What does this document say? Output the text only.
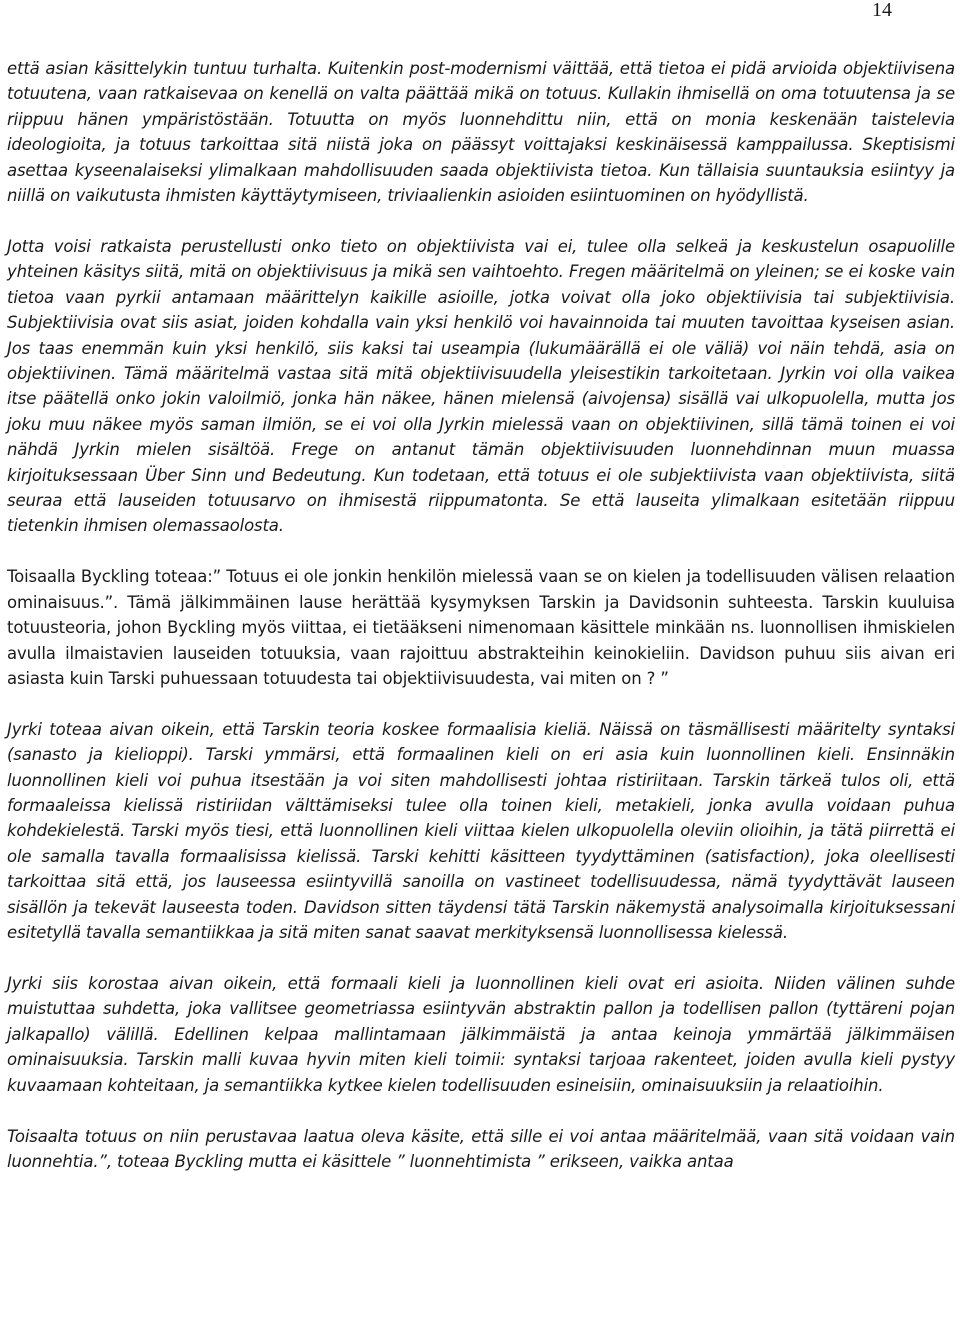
14

että asian käsittelykin tuntuu turhalta. Kuitenkin post-modernismi väittää, että tietoa ei pidä arvioida objektiivisena totuutena, vaan ratkaisevaa on kenellä on valta päättää mikä on totuus. Kullakin ihmisellä on oma totuutensa ja se riippuu hänen ympäristöstään. Totuutta on myös luonnehdittu niin, että on monia keskenään taistelevia ideologioita, ja totuus tarkoittaa sitä niistä joka on päässyt voittajaksi keskinäisessä kamppailussa. Skeptisismi asettaa kyseenalaiseksi ylimalkaan mahdollisuuden saada objektiivista tietoa. Kun tällaisia suuntauksia esiintyy ja niillä on vaikutusta ihmisten käyttäytymiseen, triviaalienkin asioiden esiintuominen on hyödyllistä.

Jotta voisi ratkaista perustellusti onko tieto on objektiivista vai ei, tulee olla selkeä ja keskustelun osapuolille yhteinen käsitys siitä, mitä on objektiivisuus ja mikä sen vaihtoehto. Fregen määritelmä on yleinen; se ei koske vain tietoa vaan pyrkii antamaan määrittelyn kaikille asioille, jotka voivat olla joko objektiivisia tai subjektiivisia. Subjektiivisia ovat siis asiat, joiden kohdalla vain yksi henkilö voi havainnoida tai muuten tavoittaa kyseisen asian. Jos taas enemmän kuin yksi henkilö, siis kaksi tai useampia (lukumäärällä ei ole väliä) voi näin tehdä, asia on objektiivinen. Tämä määritelmä vastaa sitä mitä objektiivisuudella yleisestikin tarkoitetaan. Jyrkin voi olla vaikea itse päätellä onko jokin valoilmiö, jonka hän näkee, hänen mielensä (aivojensa) sisällä vai ulkopuolella, mutta jos joku muu näkee myös saman ilmiön, se ei voi olla Jyrkin mielessä vaan on objektiivinen, sillä tämä toinen ei voi nähdä Jyrkin mielen sisältöä. Frege on antanut tämän objektiivisuuden luonnehdinnan muun muassa kirjoituksessaan Über Sinn und Bedeutung. Kun todetaan, että totuus ei ole subjektiivista vaan objektiivista, siitä seuraa että lauseiden totuusarvo on ihmisestä riippumatonta. Se että lauseita ylimalkaan esitetään riippuu tietenkin ihmisen olemassaolosta.

Toisaalla Byckling toteaa:” Totuus ei ole jonkin henkilön mielessä vaan se on kielen ja todellisuuden välisen relaation ominaisuus.”. Tämä jälkimmäinen lause herättää kysymyksen Tarskin ja Davidsonin suhteesta. Tarskin kuuluisa totuusteoria, johon Byckling myös viittaa, ei tietääkseni nimenomaan käsittele minkään ns. luonnollisen ihmiskielen avulla ilmaistavien lauseiden totuuksia, vaan rajoittuu abstrakteihin keinokieliin. Davidson puhuu siis aivan eri asiasta kuin Tarski puhuessaan totuudesta tai objektiivisuudesta, vai miten on ? ”

Jyrki toteaa aivan oikein, että Tarskin teoria koskee formaalisia kieliä. Näissä on täsmällisesti määritelty syntaksi (sanasto ja kielioppi). Tarski ymmärsi, että formaalinen kieli on eri asia kuin luonnollinen kieli. Ensinnäkin luonnollinen kieli voi puhua itsestään ja voi siten mahdollisesti johtaa ristiriitaan. Tarskin tärkeä tulos oli, että formaaleissa kielissä ristiriidan välttämiseksi tulee olla toinen kieli, metakieli, jonka avulla voidaan puhua kohdekielestä. Tarski myös tiesi, että luonnollinen kieli viittaa kielen ulkopuolella oleviin olioihin, ja tätä piirrettä ei ole samalla tavalla formaalisissa kielissä. Tarski kehitti käsitteen tyydyttäminen (satisfaction), joka oleellisesti tarkoittaa sitä että, jos lauseessa esiintyvillä sanoilla on vastineet todellisuudessa, nämä tyydyttävät lauseen sisällön ja tekevät lauseesta toden. Davidson sitten täydensi tätä Tarskin näkemystä analysoimalla kirjoituksessani esitetyllä tavalla semantiikkaa ja sitä miten sanat saavat merkityksensä luonnollisessa kielessä.

Jyrki siis korostaa aivan oikein, että formaali kieli ja luonnollinen kieli ovat eri asioita. Niiden välinen suhde muistuttaa suhdetta, joka vallitsee geometriassa esiintyvän abstraktin pallon ja todellisen pallon (tyttäreni pojan jalkapallo) välillä. Edellinen kelpaa mallintamaan jälkimmäistä ja antaa keinoja ymmärtää jälkimmäisen ominaisuuksia. Tarskin malli kuvaa hyvin miten kieli toimii: syntaksi tarjoaa rakenteet, joiden avulla kieli pystyy kuvaamaan kohteitaan, ja semantiikka kytkee kielen todellisuuden esineisiin, ominaisuuksiin ja relaatioihin.

Toisaalta totuus on niin perustavaa laatua oleva käsite, että sille ei voi antaa määritelmää, vaan sitä voidaan vain luonnehtia.”, toteaa Byckling mutta ei käsittele ” luonnehtimista ” erikseen, vaikka antaa
